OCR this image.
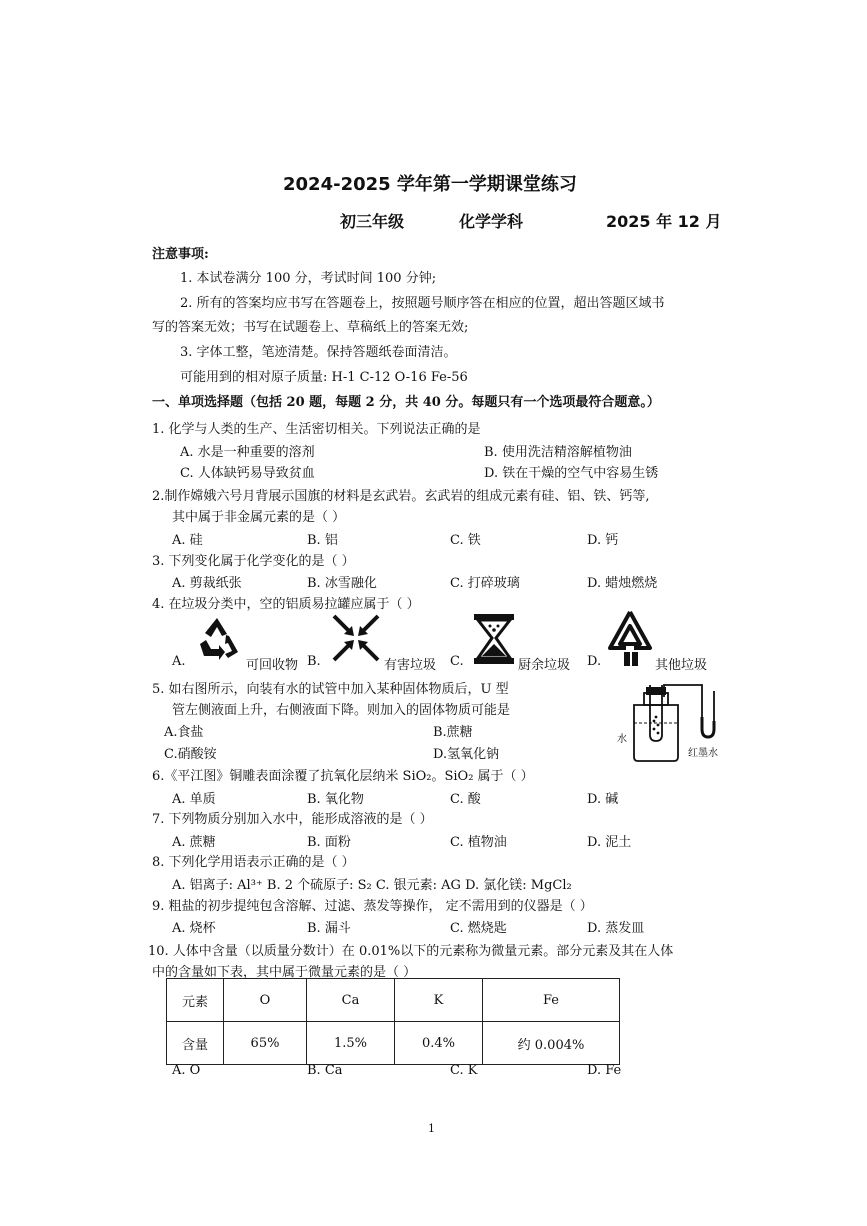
2024-2025 学年第一学期课堂练习
初三年级	化学学科	2025 年 12 月
注意事项:
1. 本试卷满分 100 分，考试时间 100 分钟;
2. 所有的答案均应书写在答题卷上，按照题号顺序答在相应的位置，超出答题区域书
写的答案无效；书写在试题卷上、草稿纸上的答案无效;
3. 字体工整，笔迹清楚。保持答题纸卷面清洁。
可能用到的相对原子质量: H-1 C-12 O-16 Fe-56
一、单项选择题（包括 20 题，每题 2 分，共 40 分。每题只有一个选项最符合题意。）
1. 化学与人类的生产、生活密切相关。下列说法正确的是
A. 水是一种重要的溶剂	B. 使用洗洁精溶解植物油
C. 人体缺钙易导致贫血	D. 铁在干燥的空气中容易生锈
2.制作嫦娥六号月背展示国旗的材料是玄武岩。玄武岩的组成元素有硅、铝、铁、钙等,
其中属于非金属元素的是（ ）
A. 硅	B. 铝	C. 铁	D. 钙
3. 下列变化属于化学变化的是（ ）
A. 剪裁纸张	B. 冰雪融化	C. 打碎玻璃	D. 蜡烛燃烧
4. 在垃圾分类中，空的铝质易拉罐应属于（ ）
A.	可回收物 B.	有害垃圾 C.	厨余垃圾 D.	其他垃圾
5. 如右图所示，向装有水的试管中加入某种固体物质后，U 型
管左侧液面上升，右侧液面下降。则加入的固体物质可能是
A.食盐	B.蔗糖
C.硝酸铵	D.氢氧化钠
水
红墨水
6.《平江图》铜雕表面涂覆了抗氧化层纳米 SiO₂。SiO₂ 属于（ ）
A. 单质	B. 氧化物	C. 酸	D. 碱
7. 下列物质分别加入水中，能形成溶液的是（ ）
A. 蔗糖	B. 面粉	C. 植物油	D. 泥土
8. 下列化学用语表示正确的是（ ）
A. 铝离子: Al³⁺ B. 2 个硫原子: S₂ C. 银元素: AG D. 氯化镁: MgCl₂
9. 粗盐的初步提纯包含溶解、过滤、蒸发等操作， 定不需用到的仪器是（ ）
A. 烧杯	B. 漏斗	C. 燃烧匙	D. 蒸发皿
10. 人体中含量（以质量分数计）在 0.01%以下的元素称为微量元素。部分元素及其在人体
中的含量如下表，其中属于微量元素的是（ ）
元素	O	Ca	K	Fe
含量	65%	1.5%	0.4%	约 0.004%
A. O	B. Ca	C. K	D. Fe
1
